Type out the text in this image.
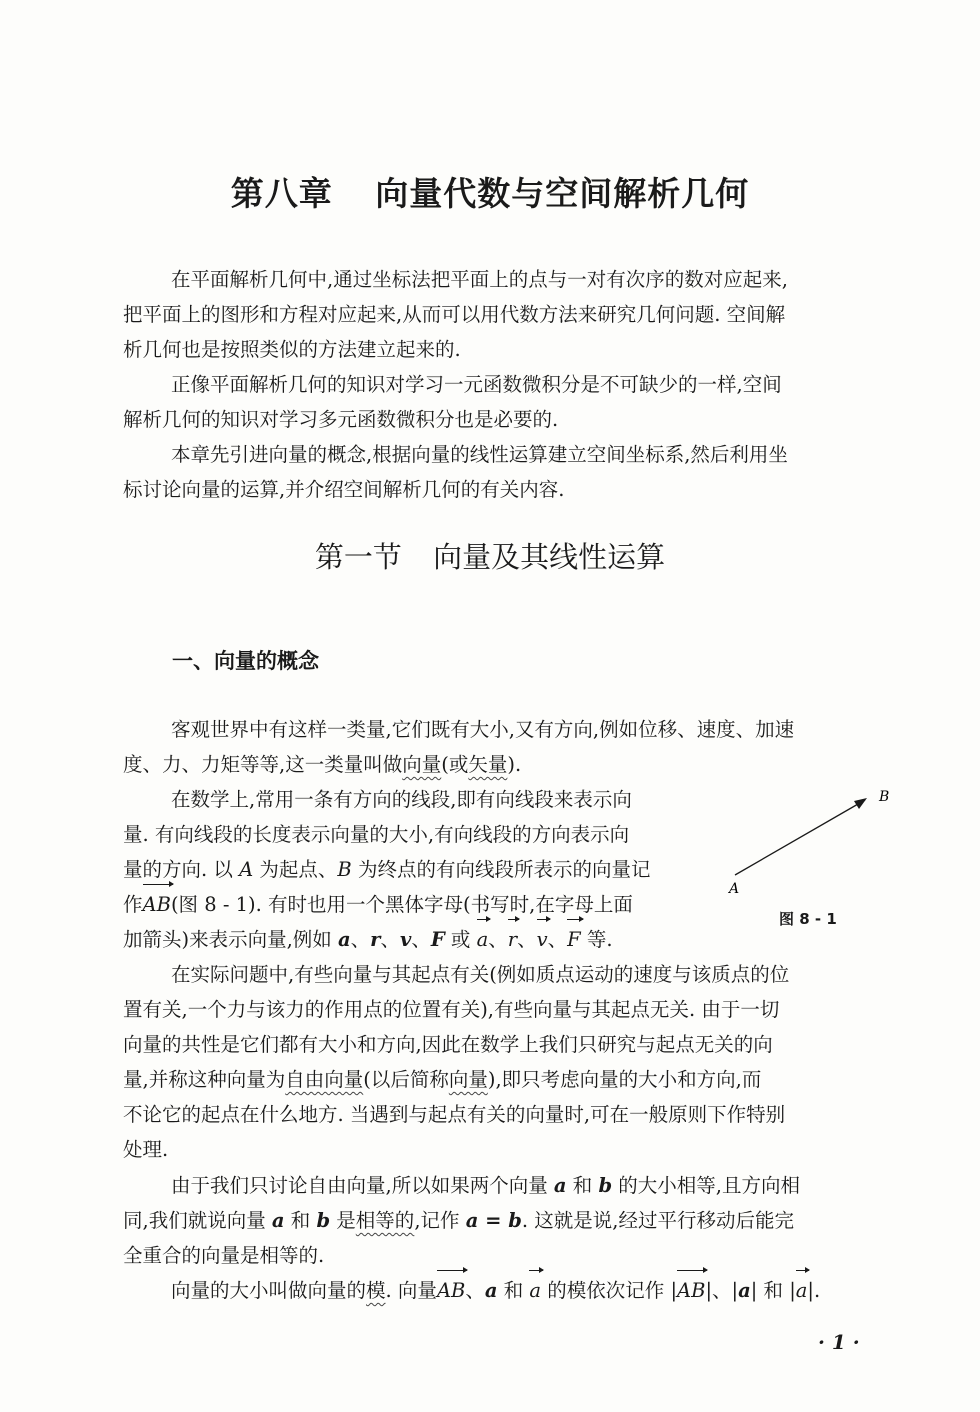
第八章 向量代数与空间解析几何
在平面解析几何中,通过坐标法把平面上的点与一对有次序的数对应起来,
把平面上的图形和方程对应起来,从而可以用代数方法来研究几何问题. 空间解
析几何也是按照类似的方法建立起来的.
正像平面解析几何的知识对学习一元函数微积分是不可缺少的一样,空间
解析几何的知识对学习多元函数微积分也是必要的.
本章先引进向量的概念,根据向量的线性运算建立空间坐标系,然后利用坐
标讨论向量的运算,并介绍空间解析几何的有关内容.
第一节 向量及其线性运算
一、向量的概念
客观世界中有这样一类量,它们既有大小,又有方向,例如位移、速度、加速
度、力、力矩等等,这一类量叫做向量(或矢量).
在数学上,常用一条有方向的线段,即有向线段来表示向
量. 有向线段的长度表示向量的大小,有向线段的方向表示向
量的方向. 以 A 为起点、B 为终点的有向线段所表示的向量记
作AB(图 8 - 1). 有时也用一个黑体字母(书写时,在字母上面
加箭头)来表示向量,例如 a、r、v、F 或 a、r、v、F 等.
A
B
图 8 - 1
在实际问题中,有些向量与其起点有关(例如质点运动的速度与该质点的位
置有关,一个力与该力的作用点的位置有关),有些向量与其起点无关. 由于一切
向量的共性是它们都有大小和方向,因此在数学上我们只研究与起点无关的向
量,并称这种向量为自由向量(以后简称向量),即只考虑向量的大小和方向,而
不论它的起点在什么地方. 当遇到与起点有关的向量时,可在一般原则下作特别
处理.
由于我们只讨论自由向量,所以如果两个向量 a 和 b 的大小相等,且方向相
同,我们就说向量 a 和 b 是相等的,记作 a = b. 这就是说,经过平行移动后能完
全重合的向量是相等的.
向量的大小叫做向量的模. 向量AB、a 和 a 的模依次记作 |AB|、|a| 和 |a|.
· 1 ·
